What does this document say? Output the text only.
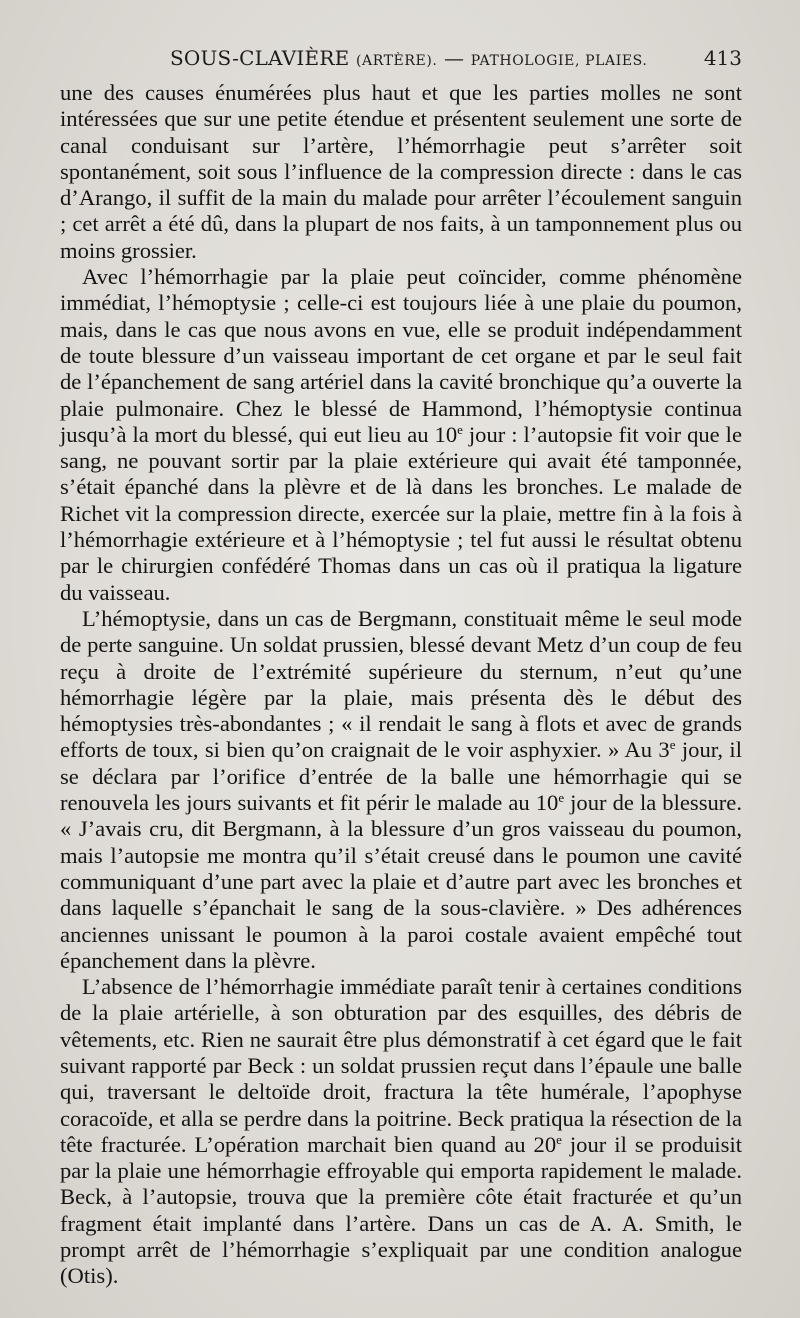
SOUS-CLAVIÈRE (ARTÈRE). — PATHOLOGIE, PLAIES.	413

une des causes énumérées plus haut et que les parties molles ne sont intéressées que sur une petite étendue et présentent seulement une sorte de canal conduisant sur l’artère, l’hémorrhagie peut s’arrêter soit spontanément, soit sous l’influence de la compression directe : dans le cas d’Arango, il suffit de la main du malade pour arrêter l’écoulement sanguin ; cet arrêt a été dû, dans la plupart de nos faits, à un tamponnement plus ou moins grossier.

Avec l’hémorrhagie par la plaie peut coïncider, comme phénomène immédiat, l’hémoptysie ; celle-ci est toujours liée à une plaie du poumon, mais, dans le cas que nous avons en vue, elle se produit indépendamment de toute blessure d’un vaisseau important de cet organe et par le seul fait de l’épanchement de sang artériel dans la cavité bronchique qu’a ouverte la plaie pulmonaire. Chez le blessé de Hammond, l’hémoptysie continua jusqu’à la mort du blessé, qui eut lieu au 10e jour : l’autopsie fit voir que le sang, ne pouvant sortir par la plaie extérieure qui avait été tamponnée, s’était épanché dans la plèvre et de là dans les bronches. Le malade de Richet vit la compression directe, exercée sur la plaie, mettre fin à la fois à l’hémorrhagie extérieure et à l’hémoptysie ; tel fut aussi le résultat obtenu par le chirurgien confédéré Thomas dans un cas où il pratiqua la ligature du vaisseau.

L’hémoptysie, dans un cas de Bergmann, constituait même le seul mode de perte sanguine. Un soldat prussien, blessé devant Metz d’un coup de feu reçu à droite de l’extrémité supérieure du sternum, n’eut qu’une hémorrhagie légère par la plaie, mais présenta dès le début des hémoptysies très-abondantes ; « il rendait le sang à flots et avec de grands efforts de toux, si bien qu’on craignait de le voir asphyxier. » Au 3e jour, il se déclara par l’orifice d’entrée de la balle une hémorrhagie qui se renouvela les jours suivants et fit périr le malade au 10e jour de la blessure. « J’avais cru, dit Bergmann, à la blessure d’un gros vaisseau du poumon, mais l’autopsie me montra qu’il s’était creusé dans le poumon une cavité communiquant d’une part avec la plaie et d’autre part avec les bronches et dans laquelle s’épanchait le sang de la sous-clavière. » Des adhérences anciennes unissant le poumon à la paroi costale avaient empêché tout épanchement dans la plèvre.

L’absence de l’hémorrhagie immédiate paraît tenir à certaines conditions de la plaie artérielle, à son obturation par des esquilles, des débris de vêtements, etc. Rien ne saurait être plus démonstratif à cet égard que le fait suivant rapporté par Beck : un soldat prussien reçut dans l’épaule une balle qui, traversant le deltoïde droit, fractura la tête humérale, l’apophyse coracoïde, et alla se perdre dans la poitrine. Beck pratiqua la résection de la tête fracturée. L’opération marchait bien quand au 20e jour il se produisit par la plaie une hémorrhagie effroyable qui emporta rapidement le malade. Beck, à l’autopsie, trouva que la première côte était fracturée et qu’un fragment était implanté dans l’artère. Dans un cas de A. A. Smith, le prompt arrêt de l’hémorrhagie s’expliquait par une condition analogue (Otis).
